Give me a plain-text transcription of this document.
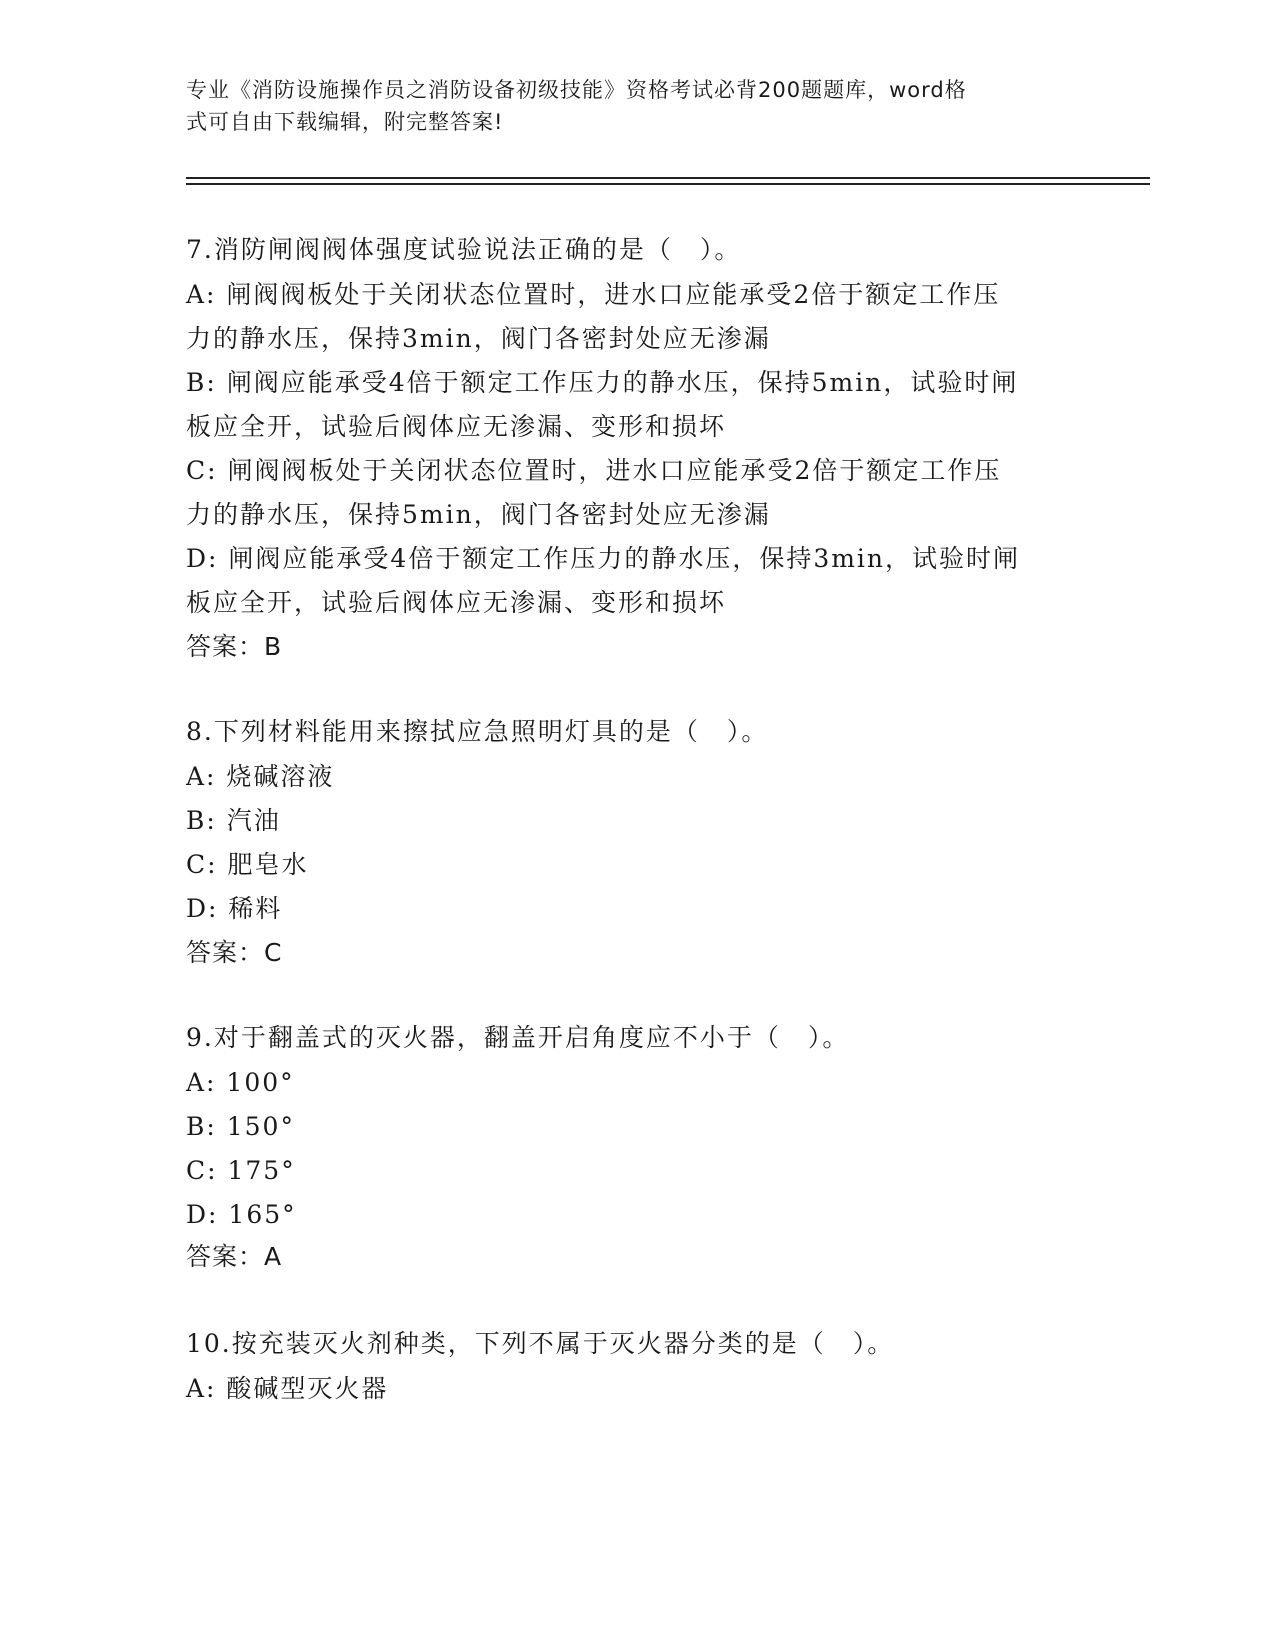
专业《消防设施操作员之消防设备初级技能》资格考试必背200题题库，word格
式可自由下载编辑，附完整答案!
7.消防闸阀阀体强度试验说法正确的是（　）。
A: 闸阀阀板处于关闭状态位置时，进水口应能承受2倍于额定工作压
力的静水压，保持3min，阀门各密封处应无渗漏
B: 闸阀应能承受4倍于额定工作压力的静水压，保持5min，试验时闸
板应全开，试验后阀体应无渗漏、变形和损坏
C: 闸阀阀板处于关闭状态位置时，进水口应能承受2倍于额定工作压
力的静水压，保持5min，阀门各密封处应无渗漏
D: 闸阀应能承受4倍于额定工作压力的静水压，保持3min，试验时闸
板应全开，试验后阀体应无渗漏、变形和损坏
答案：B
8.下列材料能用来擦拭应急照明灯具的是（　）。
A: 烧碱溶液
B: 汽油
C: 肥皂水
D: 稀料
答案：C
9.对于翻盖式的灭火器，翻盖开启角度应不小于（　）。
A: 100°
B: 150°
C: 175°
D: 165°
答案：A
10.按充装灭火剂种类，下列不属于灭火器分类的是（　）。
A: 酸碱型灭火器
